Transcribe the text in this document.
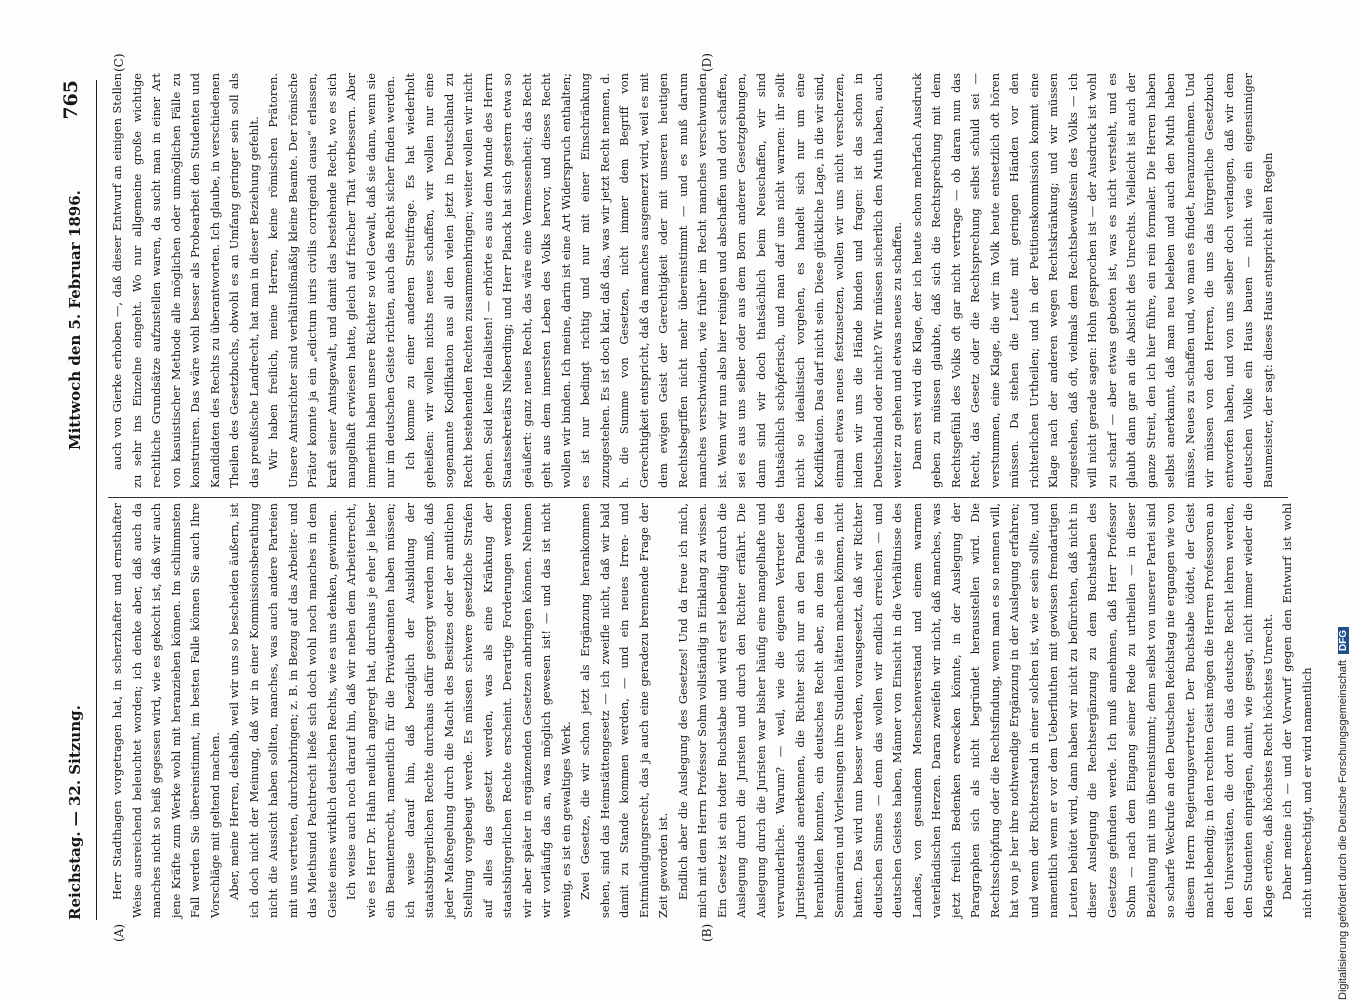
Reichstag. — 32. Sitzung.
Mittwoch den 5. Februar 1896.
765
(A)	(B)
(C)	(D)

Herr Stadthagen vorgetragen hat, in scherzhafter und ernsthafter Weise ausreichend beleuchtet worden; ich denke aber, daß auch da manches nicht so heiß gegessen wird, wie es gekocht ist, daß wir auch jene Kräfte zum Werke wohl mit heranziehen können. Im schlimmsten Fall werden Sie übereinstimmt, im besten Falle können Sie auch Ihre Vorschläge mit geltend machen. Aber, meine Herren, deshalb, weil wir uns so bescheiden äußern, ist ich doch nicht der Meinung, daß wir in einer Kommissionsberathung nicht die Aussicht haben sollten, manches, was auch andere Parteien mit uns vertreten, durchzubringen; z. B. in Bezug auf das Arbeiter- und das Miethsund Pachtrecht ließe sich doch wohl noch manches in dem Geiste eines wirklich deutschen Rechts, wie es uns denken, gewinnen. Ich weise auch noch darauf hin, daß wir neben dem Arbeiterrecht, wie es Herr Dr. Hahn neulich angeregt hat, durchaus je eher je lieber ein Beamtenrecht, namentlich für die Privatbeamten haben müssen; ich weise darauf hin, daß bezüglich der Ausbildung der staatsbürgerlichen Rechte durchaus dafür gesorgt werden muß, daß jeder Maßregelung durch die Macht des Besitzes oder der amtlichen Stellung vorgebeugt werde. Es müssen schwere gesetzliche Strafen auf alles das gesetzt werden, was als eine Kränkung der staatsbürgerlichen Rechte erscheint. Derartige Forderungen werden wir aber später in ergänzenden Gesetzen anbringen können. Nehmen wir vorläufig das an, was möglich gewesen ist! — und das ist nicht wenig, es ist ein gewaltiges Werk. Zwei Gesetze, die wir schon jetzt als Ergänzung herankommen sehen, sind das Heimstättengesetz — ich zweifle nicht, daß wir bald damit zu Stande kommen werden, — und ein neues Irren- und Entmündigungsrecht, das ja auch eine geradezu brennende Frage der Zeit geworden ist. Endlich aber die Auslegung des Gesetzes! Und da freue ich mich, mich mit dem Herrn Professor Sohm vollständig in Einklang zu wissen. Ein Gesetz ist ein todter Buchstabe und wird erst lebendig durch die Auslegung durch die Juristen und durch den Richter erfährt. Die Auslegung durch die Juristen war bisher häufig eine mangelhafte und verwunderliche. Warum? — weil, wie die eigenen Vertreter des Juristenstands anerkennen, die Richter sich nur an den Pandekten heranbilden konnten, ein deutsches Recht aber, an dem sie in den Seminarien und Vorlesungen ihre Studien hätten machen können, nicht hatten. Das wird nun besser werden, vorausgesetzt, daß wir Richter deutschen Sinnes — denn das wollen wir endlich erreichen — und deutschen Geistes haben, Männer von Einsicht in die Verhältnisse des Landes, von gesundem Menschenverstand und einem warmen vaterländischen Herzen. Daran zweifeln wir nicht, daß manches, was jetzt freilich Bedenken erwecken könnte, in der Auslegung der Paragraphen sich als nicht begründet herausstellen wird. Die Rechtsschöpfung oder die Rechtsfindung, wenn man es so nennen will, hat von je her ihre nothwendige Ergänzung in der Auslegung erfahren; und wenn der Richterstand in einer solchen ist, wie er sein sollte, und namentlich wenn er vor dem Ueberfluthen mit gewissen fremdartigen Leuten behütet wird, dann haben wir nicht zu befürchten, daß nicht in dieser Auslegung die Rechtsergänzung zu dem Buchstaben des Gesetzes gefunden werde. Ich muß annehmen, daß Herr Professor Sohm — nach dem Eingang seiner Rede zu urtheilen — in dieser Beziehung mit uns übereinstimmt; denn selbst von unserer Partei sind so scharfe Weckrufe an den Deutschen Reichstag nie ergangen wie von diesem Herrn Regierungsvertreter. Der Buchstabe tödtet, der Geist macht lebendig; in den rechten Geist mögen die Herren Professoren an den Universitäten, die dort nun das deutsche Recht lehren werden, den Studenten einprägen, damit, wie gesagt, nicht immer wieder die Klage ertöne, daß höchstes Recht höchstes Unrecht. Daher meine ich — und der Vorwurf gegen den Entwurf ist wohl nicht unberechtigt, und er wird namentlich

auch von Gierke erhoben —, daß dieser Entwurf an einigen Stellen zu sehr ins Einzelne eingeht. Wo nur allgemeine große wichtige rechtliche Grundsätze aufzustellen waren, da sucht man in einer Art von kasuistischer Methode alle möglichen oder unmöglichen Fälle zu konstruiren. Das wäre wohl besser als Probearbeit den Studenten und Kandidaten des Rechts zu überantworten. Ich glaube, in verschiedenen Theilen des Gesetzbuchs, obwohl es an Umfang geringer sein soll als das preußische Landrecht, hat man in dieser Beziehung gefehlt. Wir haben freilich, meine Herren, keine römischen Prätoren. Unsere Amtsrichter sind verhältnißmäßig kleine Beamte. Der römische Prätor konnte ja ein „edictum iuris civilis corrigendi causa“ erlassen, kraft seiner Amtsgewalt, und damit das bestehende Recht, wo es sich mangelhaft erwiesen hatte, gleich auf frischer That verbessern. Aber immerhin haben unsere Richter so viel Gewalt, daß sie dann, wenn sie nur im deutschen Geiste richten, auch das Recht sicher finden werden. Ich komme zu einer anderen Streitfrage. Es hat wiederholt geheißen: wir wollen nichts neues schaffen, wir wollen nur eine sogenannte Kodifikation aus all den vielen jetzt in Deutschland zu Recht bestehenden Rechten zusammenbringen; weiter wollen wir nicht gehen. Seid keine Idealisten! — erhörte es aus dem Munde des Herrn Staatssekretärs Nieberding; und Herr Planck hat sich gestern etwa so geäußert: ganz neues Recht, das wäre eine Vermessenheit; das Recht geht aus dem innersten Leben des Volks hervor, und dieses Recht wollen wir binden. Ich meine, darin ist eine Art Widerspruch enthalten; es ist nur bedingt richtig und nur mit einer Einschränkung zuzugestehen. Es ist doch klar, daß das, was wir jetzt Recht nennen, d. h. die Summe von Gesetzen, nicht immer dem Begriff von Gerechtigkeit entspricht, daß da manches ausgemerzt wird, weil es mit dem ewigen Geist der Gerechtigkeit oder mit unseren heutigen Rechtsbegriffen nicht mehr übereinstimmt — und es muß darum manches verschwinden, wie früher im Recht manches verschwunden ist. Wenn wir nun also hier reinigen und abschaffen und dort schaffen, sei es aus uns selber oder aus dem Born anderer Gesetzgebungen, dann sind wir doch thatsächlich beim Neuschaffen, wir sind thatsächlich schöpferisch, und man darf uns nicht warnen: ihr sollt nicht so idealistisch vorgehen, es handelt sich nur um eine Kodifikation. Das darf nicht sein. Diese glückliche Lage, in die wir sind, einmal etwas neues festzusetzen, wollen wir uns nicht verscherzen, indem wir uns die Hände binden und fragen: ist das schon in Deutschland oder nicht? Wir müssen sicherlich den Muth haben, auch weiter zu gehen und etwas neues zu schaffen. Dann erst wird die Klage, der ich heute schon mehrfach Ausdruck geben zu müssen glaubte, daß sich die Rechtsprechung mit dem Rechtsgefühl des Volks oft gar nicht vertrage — ob daran nun das Recht, das Gesetz oder die Rechtsprechung selbst schuld sei — verstummen, eine Klage, die wir im Volk heute entsetzlich oft hören müssen. Da stehen die Leute mit geringen Händen vor den richterlichen Urtheilen; und in der Petitionskommission kommt eine Klage nach der anderen wegen Rechtskränkung; und wir müssen zugestehen, daß oft, vielmals dem Rechtsbewußtsein des Volks — ich will nicht gerade sagen: Hohn gesprochen ist — der Ausdruck ist wohl zu scharf — aber etwas geboten ist, was es nicht versteht, und es glaubt dann gar an die Absicht des Unrechts. Vielleicht ist auch der ganze Streit, den ich hier führe, ein rein formaler. Die Herren haben selbst anerkannt, daß man neu beleben und auch den Muth haben müsse, Neues zu schaffen und, wo man es findet, heranzunehmen. Und wir müssen von den Herren, die uns das bürgerliche Gesetzbuch entworfen haben, und von uns selber doch verlangen, daß wir dem deutschen Volke ein Haus bauen — nicht wie ein eigensinniger Baumeister, der sagt: dieses Haus entspricht allen Regeln

Digitalisierung gefördert durch die Deutsche ForschungsgemeinschaftDFG
